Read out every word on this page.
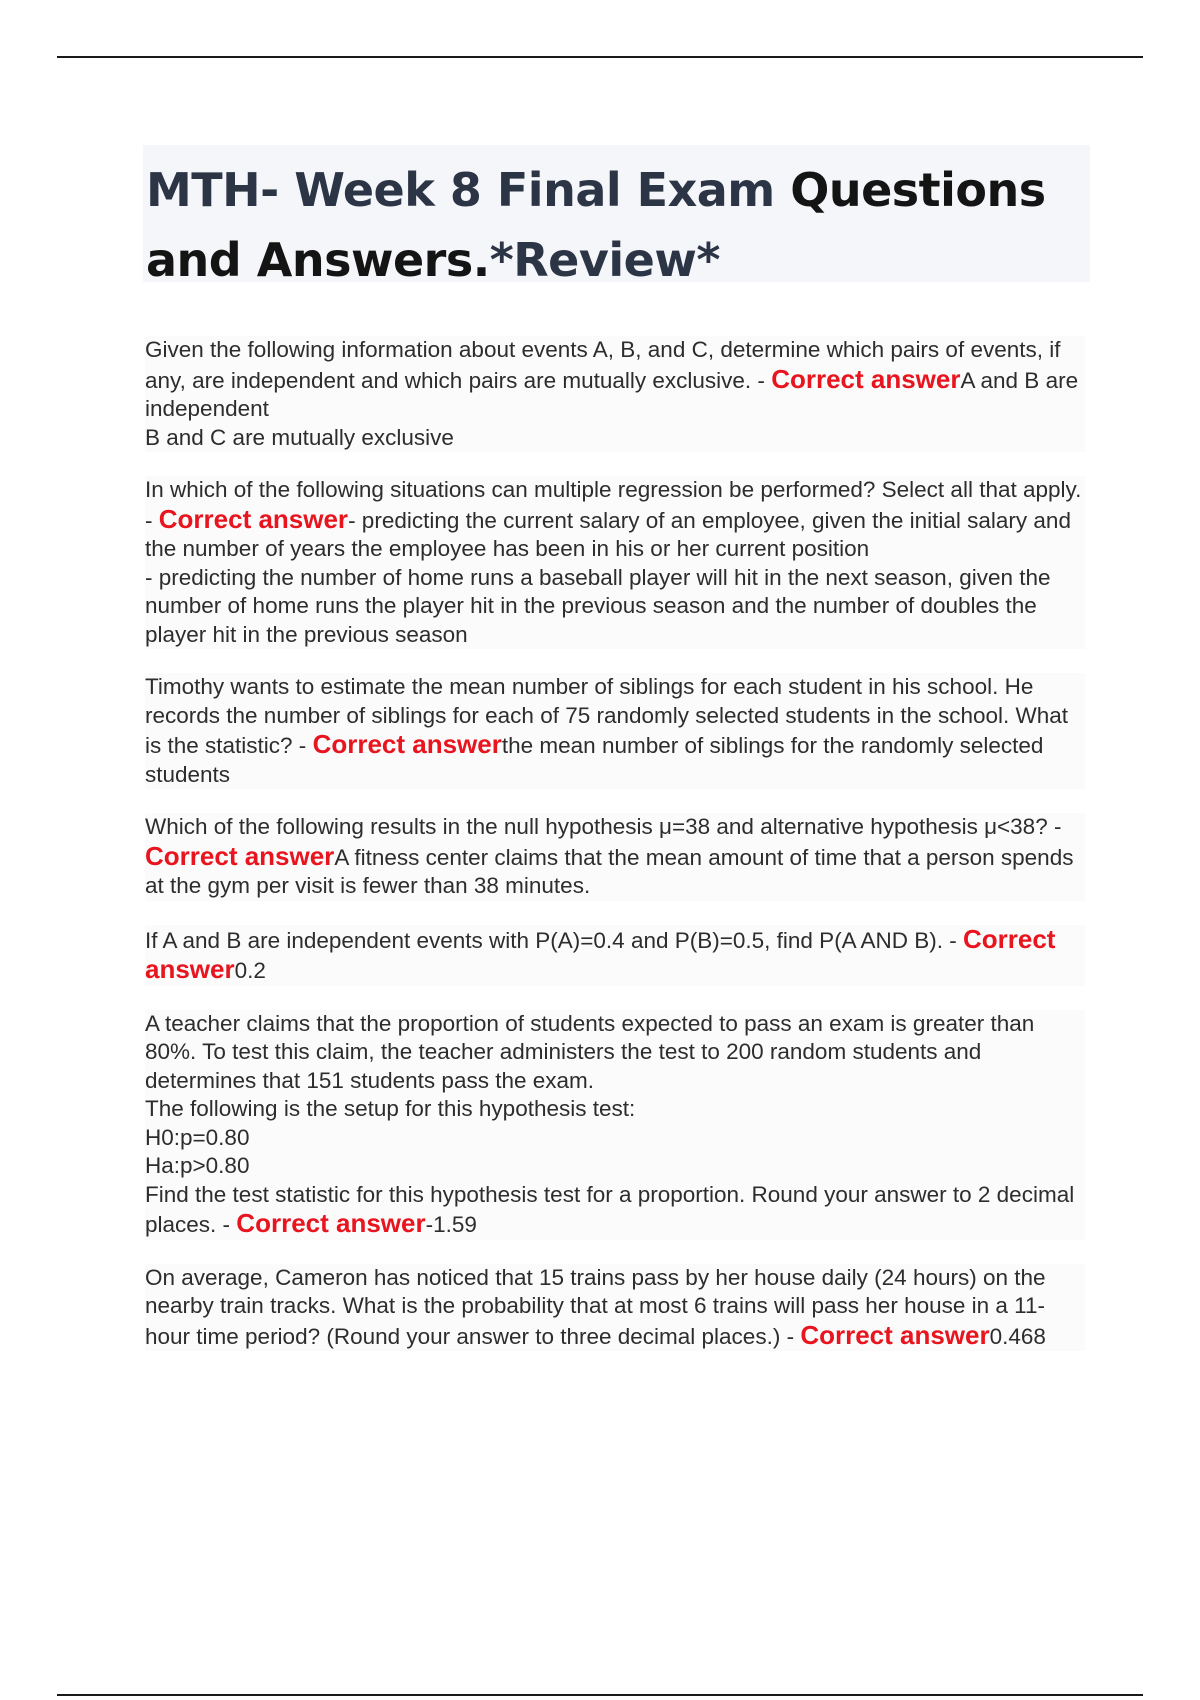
MTH- Week 8 Final Exam Questions and Answers.*Review*

Given the following information about events A, B, and C, determine which pairs of events, if any, are independent and which pairs are mutually exclusive. - Correct answerA and B are independent
B and C are mutually exclusive

In which of the following situations can multiple regression be performed? Select all that apply. - Correct answer- predicting the current salary of an employee, given the initial salary and the number of years the employee has been in his or her current position
- predicting the number of home runs a baseball player will hit in the next season, given the number of home runs the player hit in the previous season and the number of doubles the player hit in the previous season

Timothy wants to estimate the mean number of siblings for each student in his school. He records the number of siblings for each of 75 randomly selected students in the school. What is the statistic? - Correct answerthe mean number of siblings for the randomly selected students

Which of the following results in the null hypothesis μ=38 and alternative hypothesis μ<38? - Correct answerA fitness center claims that the mean amount of time that a person spends at the gym per visit is fewer than 38 minutes.

If A and B are independent events with P(A)=0.4 and P(B)=0.5, find P(A AND B). - Correct answer0.2

A teacher claims that the proportion of students expected to pass an exam is greater than 80%. To test this claim, the teacher administers the test to 200 random students and determines that 151 students pass the exam.
The following is the setup for this hypothesis test:
H0:p=0.80
Ha:p>0.80
Find the test statistic for this hypothesis test for a proportion. Round your answer to 2 decimal places. - Correct answer-1.59

On average, Cameron has noticed that 15 trains pass by her house daily (24 hours) on the nearby train tracks. What is the probability that at most 6 trains will pass her house in a 11-hour time period? (Round your answer to three decimal places.) - Correct answer0.468
